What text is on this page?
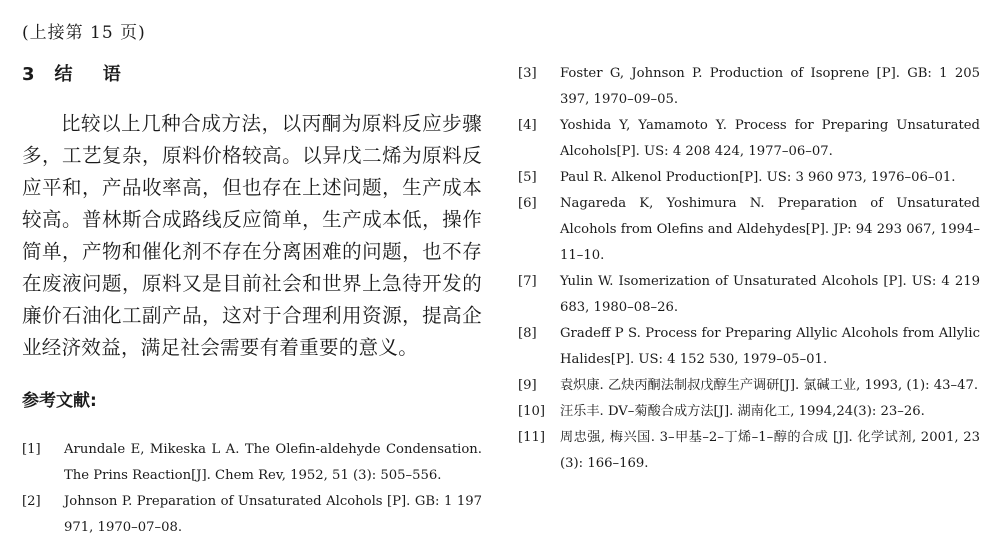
(上接第 15 页)
3 结 语

比较以上几种合成方法，以丙酮为原料反应步骤多，工艺复杂，原料价格较高。以异戊二烯为原料反应平和，产品收率高，但也存在上述问题，生产成本较高。普林斯合成路线反应简单，生产成本低，操作简单，产物和催化剂不存在分离困难的问题，也不存在废液问题，原料又是目前社会和世界上急待开发的廉价石油化工副产品，这对于合理利用资源，提高企业经济效益，满足社会需要有着重要的意义。

参考文献:
[1] Arundale E, Mikeska L A. The Olefin-aldehyde Condensation. The Prins Reaction[J]. Chem Rev, 1952, 51 (3): 505–556.
[2] Johnson P. Preparation of Unsaturated Alcohols [P]. GB: 1 197 971, 1970–07–08.
[3] Foster G, Johnson P. Production of Isoprene [P]. GB: 1 205 397, 1970–09–05.
[4] Yoshida Y, Yamamoto Y. Process for Preparing Unsaturated Alcohols[P]. US: 4 208 424, 1977–06–07.
[5] Paul R. Alkenol Production[P]. US: 3 960 973, 1976–06–01.
[6] Nagareda K, Yoshimura N. Preparation of Unsaturated Alcohols from Olefins and Aldehydes[P]. JP: 94 293 067, 1994–11–10.
[7] Yulin W. Isomerization of Unsaturated Alcohols [P]. US: 4 219 683, 1980–08–26.
[8] Gradeff P S. Process for Preparing Allylic Alcohols from Allylic Halides[P]. US: 4 152 530, 1979–05–01.
[9] 袁炽康. 乙炔丙酮法制叔戊醇生产调研[J]. 氯碱工业, 1993, (1): 43–47.
[10] 汪乐丰. DV–菊酸合成方法[J]. 湖南化工, 1994,24(3): 23–26.
[11] 周忠强, 梅兴国. 3–甲基–2–丁烯–1–醇的合成 [J]. 化学试剂, 2001, 23 (3): 166–169.
